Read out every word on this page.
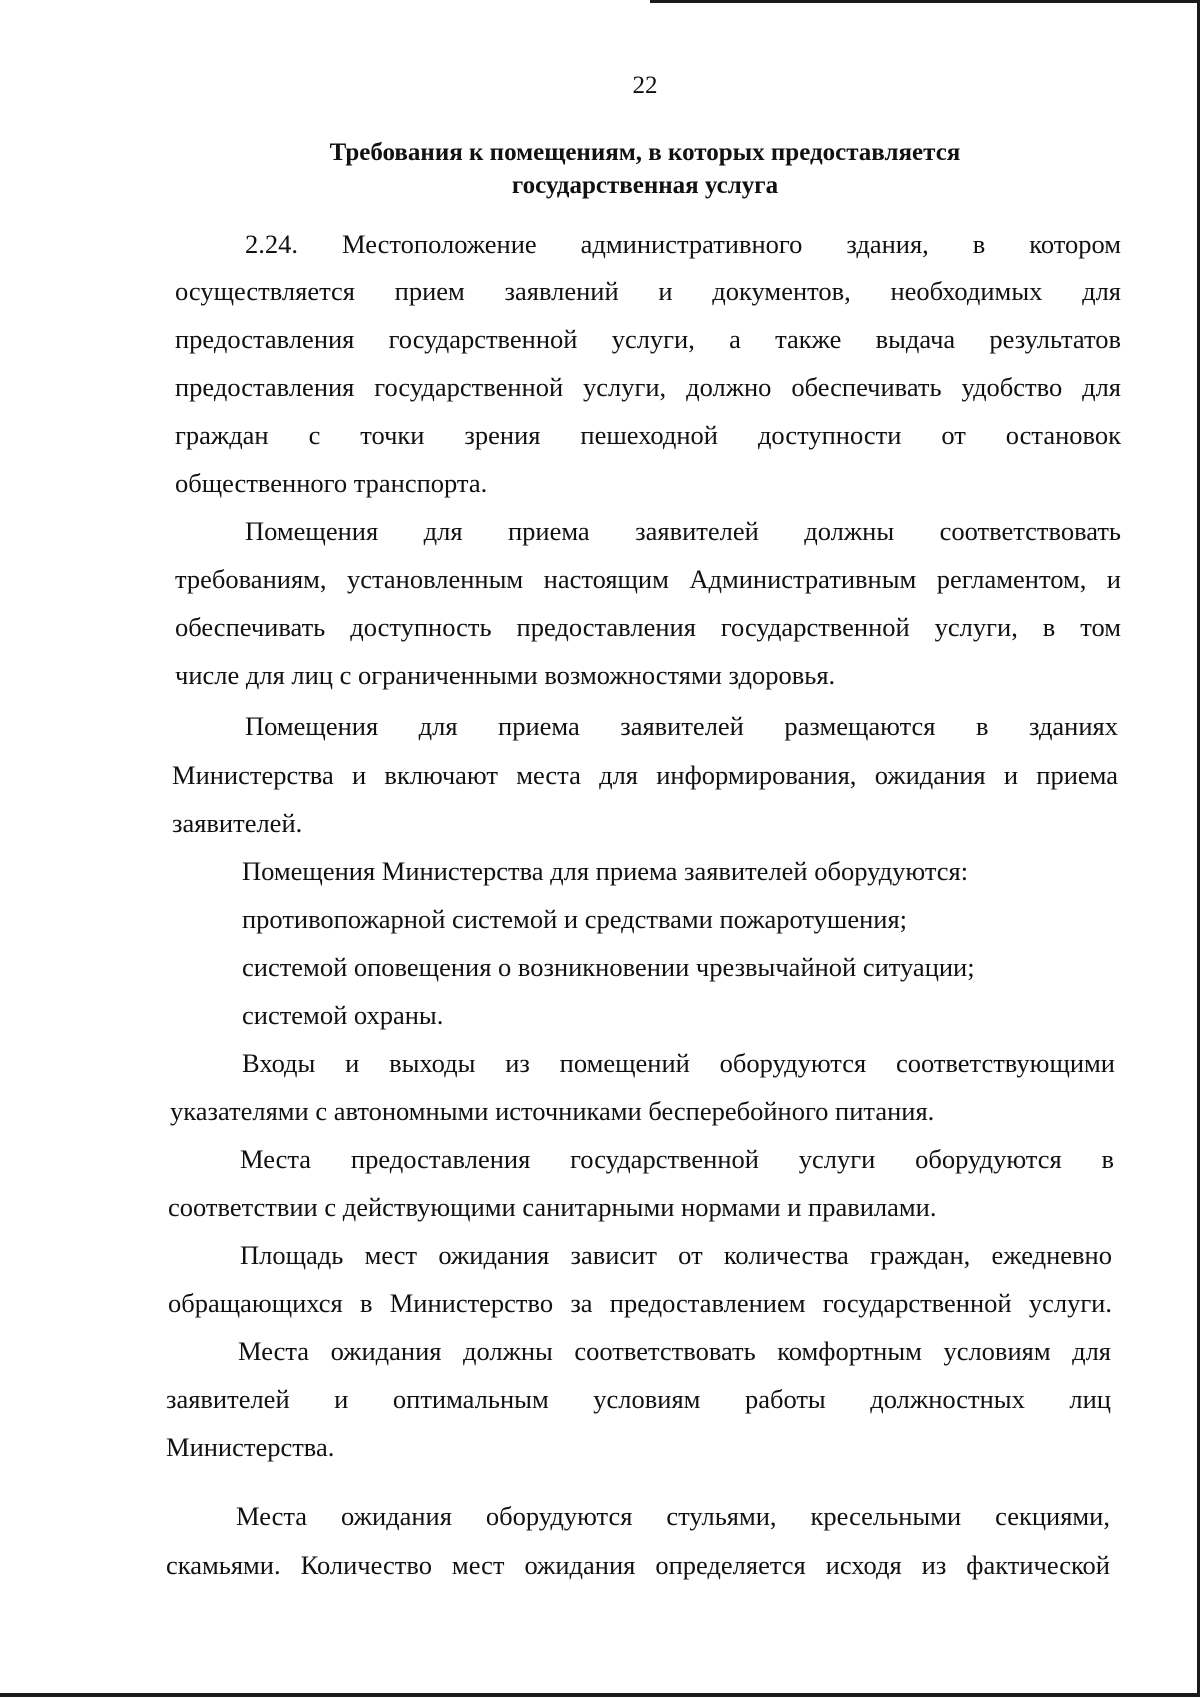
22
Требования к помещениям, в которых предоставляется
государственная услуга
2.24. Местоположение административного здания, в котором
осуществляется прием заявлений и документов, необходимых для
предоставления государственной услуги, а также выдача результатов
предоставления государственной услуги, должно обеспечивать удобство для
граждан с точки зрения пешеходной доступности от остановок
общественного транспорта.
Помещения для приема заявителей должны соответствовать
требованиям, установленным настоящим Административным регламентом, и
обеспечивать доступность предоставления государственной услуги, в том
числе для лиц с ограниченными возможностями здоровья.
Помещения для приема заявителей размещаются в зданиях
Министерства и включают места для информирования, ожидания и приема
заявителей.
Помещения Министерства для приема заявителей оборудуются:
противопожарной системой и средствами пожаротушения;
системой оповещения о возникновении чрезвычайной ситуации;
системой охраны.
Входы и выходы из помещений оборудуются соответствующими
указателями с автономными источниками бесперебойного питания.
Места предоставления государственной услуги оборудуются в
соответствии с действующими санитарными нормами и правилами.
Площадь мест ожидания зависит от количества граждан, ежедневно
обращающихся в Министерство за предоставлением государственной услуги.
Места ожидания должны соответствовать комфортным условиям для
заявителей и оптимальным условиям работы должностных лиц
Министерства.
Места ожидания оборудуются стульями, кресельными секциями,
скамьями. Количество мест ожидания определяется исходя из фактической
